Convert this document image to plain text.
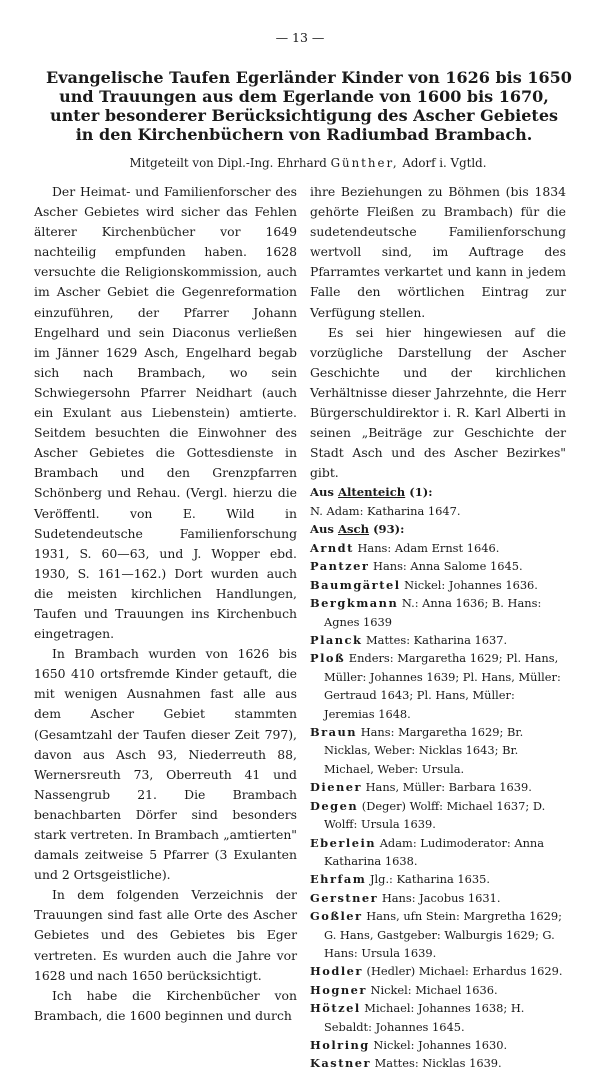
— 13 —
Evangelische Taufen Egerländer Kinder von 1626 bis 1650
und Trauungen aus dem Egerlande von 1600 bis 1670,
unter besonderer Berücksichtigung des Ascher Gebietes
in den Kirchenbüchern von Radiumbad Brambach.
Mitgeteilt von Dipl.-Ing. Ehrhard Günther, Adorf i. Vgtld.

Der Heimat- und Familienforscher des Ascher Gebietes wird sicher das Fehlen älterer Kirchenbücher vor 1649 nachteilig empfunden haben. 1628 versuchte die Religionskommission, auch im Ascher Gebiet die Gegenreformation einzuführen, der Pfarrer Johann Engelhard und sein Diaconus verließen im Jänner 1629 Asch, Engelhard begab sich nach Brambach, wo sein Schwiegersohn Pfarrer Neidhart (auch ein Exulant aus Liebenstein) amtierte. Seitdem besuchten die Einwohner des Ascher Gebietes die Gottesdienste in Brambach und den Grenzpfarren Schönberg und Rehau. (Vergl. hierzu die Veröffentl. von E. Wild in Sudetendeutsche Familienforschung 1931, S. 60—63, und J. Wopper ebd. 1930, S. 161—162.) Dort wurden auch die meisten kirchlichen Handlungen, Taufen und Trauungen ins Kirchenbuch eingetragen.

In Brambach wurden von 1626 bis 1650 410 ortsfremde Kinder getauft, die mit wenigen Ausnahmen fast alle aus dem Ascher Gebiet stammten (Gesamtzahl der Taufen dieser Zeit 797), davon aus Asch 93, Niederreuth 88, Wernersreuth 73, Oberreuth 41 und Nassengrub 21. Die Brambach benachbarten Dörfer sind besonders stark vertreten. In Brambach „amtierten" damals zeitweise 5 Pfarrer (3 Exulanten und 2 Ortsgeistliche).

In dem folgenden Verzeichnis der Trauungen sind fast alle Orte des Ascher Gebietes und des Gebietes bis Eger vertreten. Es wurden auch die Jahre vor 1628 und nach 1650 berücksichtigt.

Ich habe die Kirchenbücher von Brambach, die 1600 beginnen und durch

ihre Beziehungen zu Böhmen (bis 1834 gehörte Fleißen zu Brambach) für die sudetendeutsche Familienforschung wertvoll sind, im Auftrage des Pfarramtes verkartet und kann in jedem Falle den wörtlichen Eintrag zur Verfügung stellen.

Es sei hier hingewiesen auf die vorzügliche Darstellung der Ascher Geschichte und der kirchlichen Verhältnisse dieser Jahrzehnte, die Herr Bürgerschuldirektor i. R. Karl Alberti in seinen „Beiträge zur Geschichte der Stadt Asch und des Ascher Bezirkes" gibt.

Aus Altenteich (1):

N. Adam: Katharina 1647.

Aus Asch (93):

Arndt Hans: Adam Ernst 1646.
Pantzer Hans: Anna Salome 1645.
Baumgärtel Nickel: Johannes 1636.
Bergkmann N.: Anna 1636; B. Hans: Agnes 1639
Planck Mattes: Katharina 1637.
Ploß Enders: Margaretha 1629; Pl. Hans, Müller: Johannes 1639; Pl. Hans, Müller: Gertraud 1643; Pl. Hans, Müller: Jeremias 1648.
Braun Hans: Margaretha 1629; Br. Nicklas, Weber: Nicklas 1643; Br. Michael, Weber: Ursula.
Diener Hans, Müller: Barbara 1639.
Degen (Deger) Wolff: Michael 1637; D. Wolff: Ursula 1639.
Eberlein Adam: Ludimoderator: Anna Katharina 1638.
Ehrfam Jlg.: Katharina 1635.
Gerstner Hans: Jacobus 1631.
Goßler Hans, ufn Stein: Margretha 1629; G. Hans, Gastgeber: Walburgis 1629; G. Hans: Ursula 1639.
Hodler (Hedler) Michael: Erhardus 1629.
Hogner Nickel: Michael 1636.
Hötzel Michael: Johannes 1638; H. Sebaldt: Johannes 1645.
Holring Nickel: Johannes 1630.
Kastner Mattes: Nicklas 1639.
